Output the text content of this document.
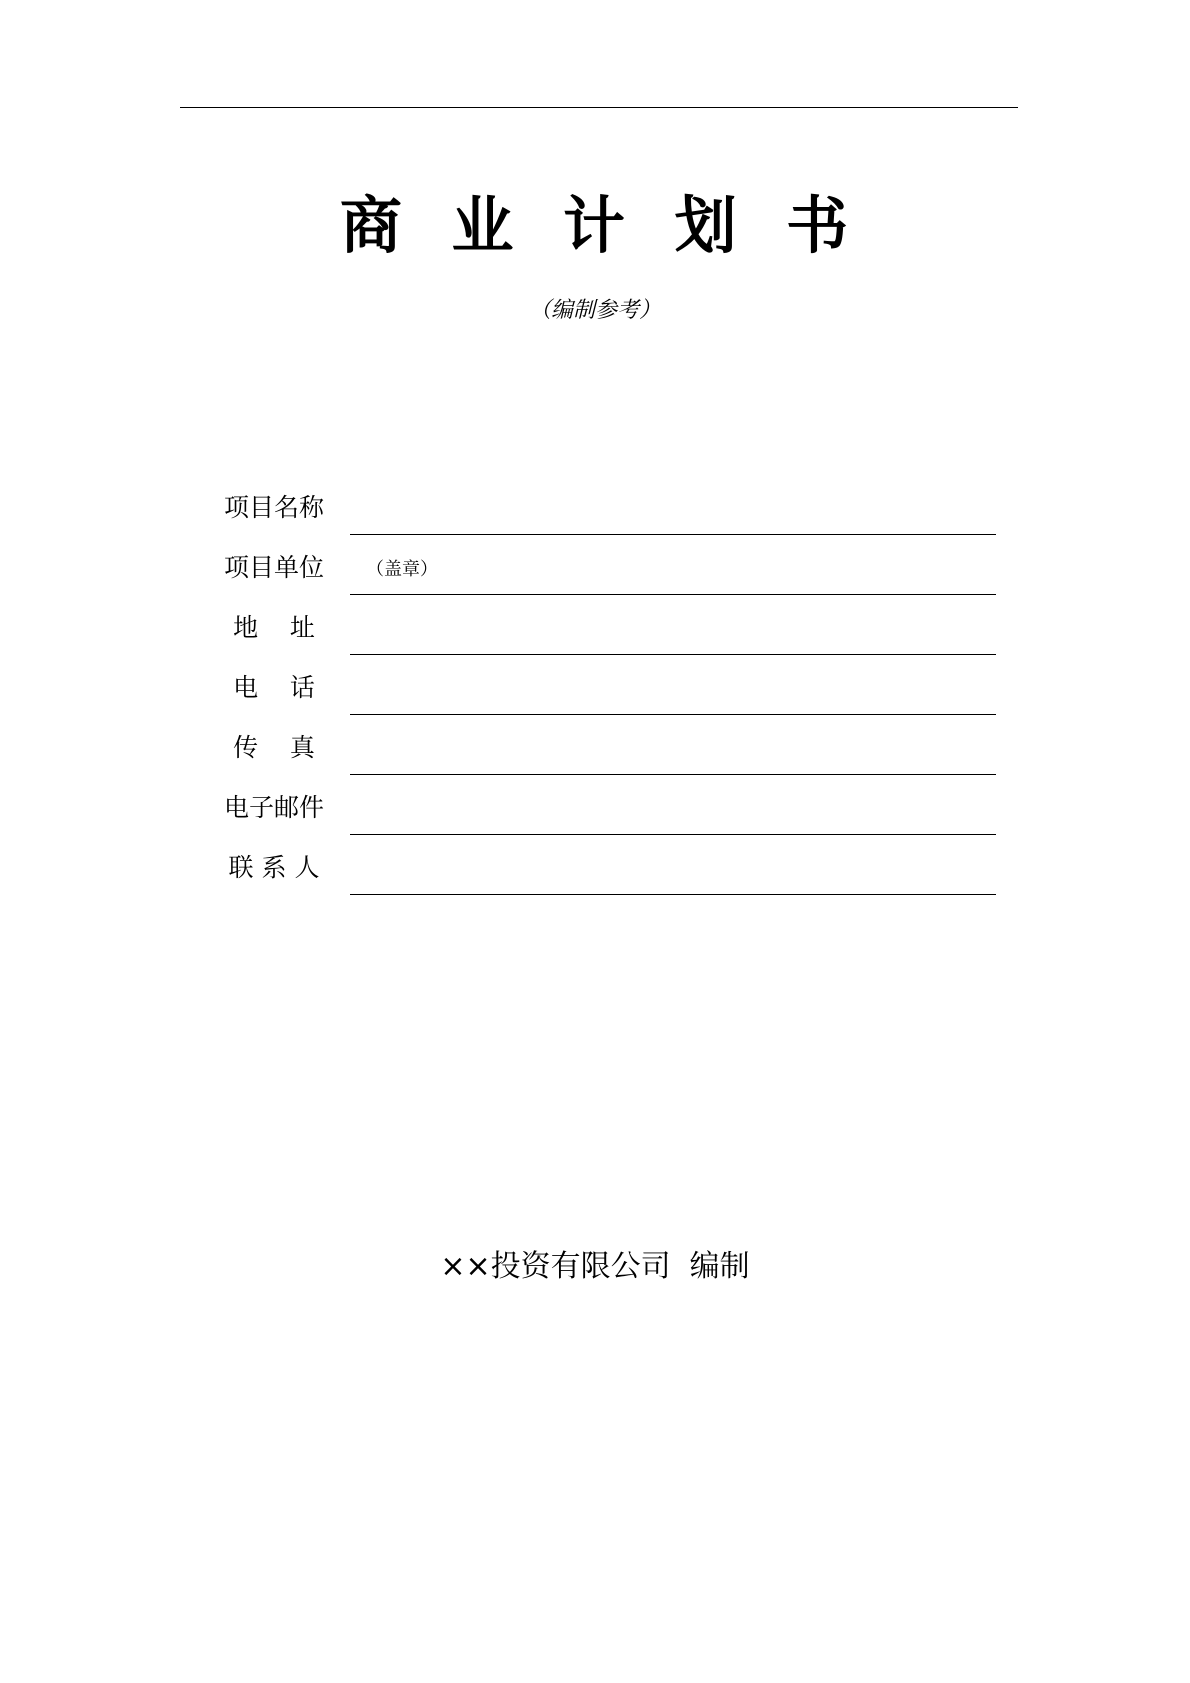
商 业 计 划 书
（编制参考）
项目名称
项目单位	（盖章）
地    址
电    话
传    真
电子邮件
联 系 人
××投资有限公司  编制
